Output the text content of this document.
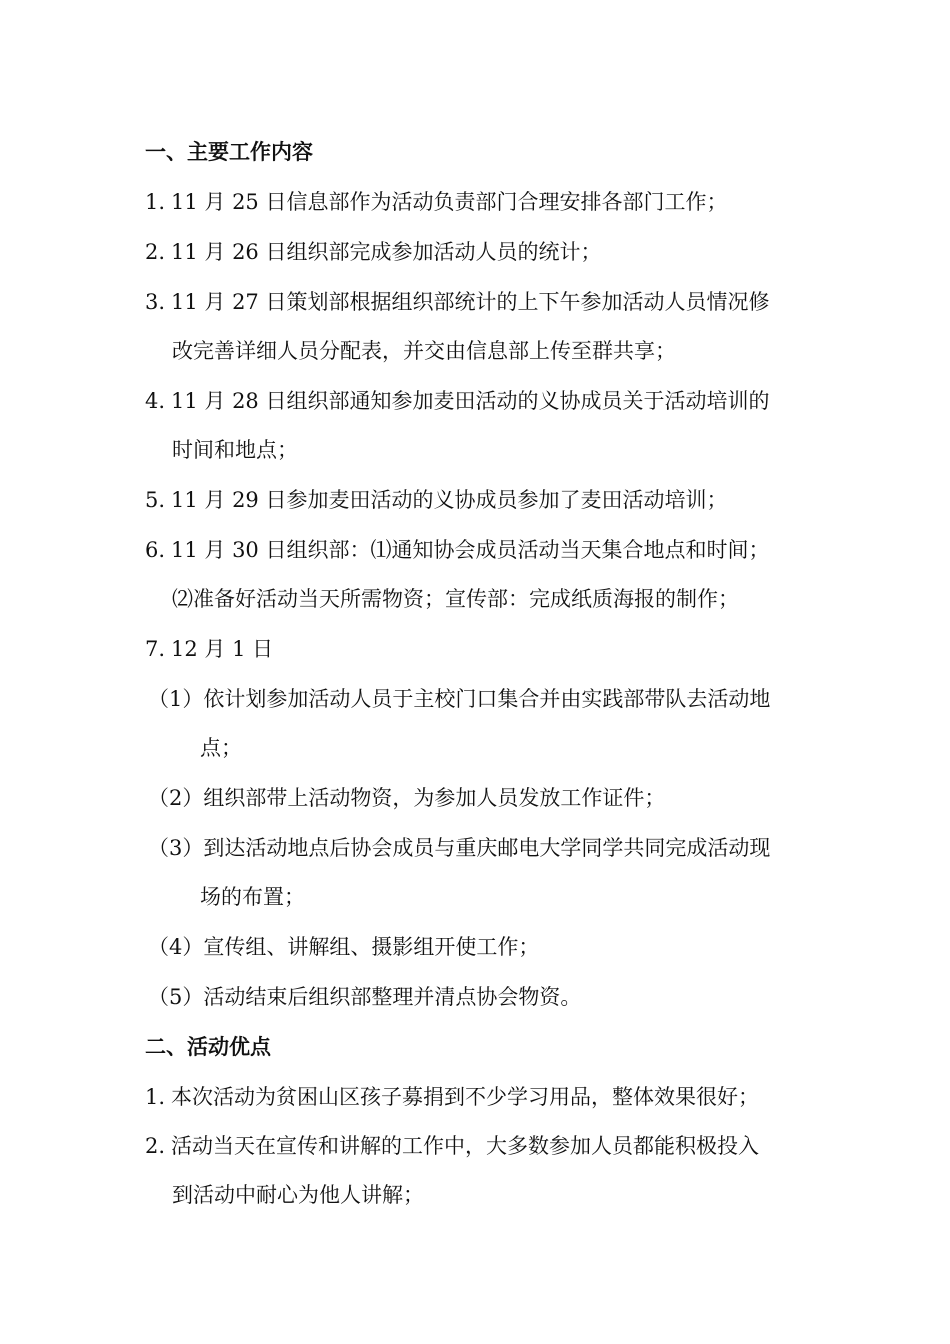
一、主要工作内容
1. 11 月 25 日信息部作为活动负责部门合理安排各部门工作；
2. 11 月 26 日组织部完成参加活动人员的统计；
3. 11 月 27 日策划部根据组织部统计的上下午参加活动人员情况修
改完善详细人员分配表，并交由信息部上传至群共享；
4. 11 月 28 日组织部通知参加麦田活动的义协成员关于活动培训的
时间和地点；
5. 11 月 29 日参加麦田活动的义协成员参加了麦田活动培训；
6. 11 月 30 日组织部：⑴通知协会成员活动当天集合地点和时间；
⑵准备好活动当天所需物资；宣传部：完成纸质海报的制作；
7. 12 月 1 日
（1）依计划参加活动人员于主校门口集合并由实践部带队去活动地
点；
（2）组织部带上活动物资，为参加人员发放工作证件；
（3）到达活动地点后协会成员与重庆邮电大学同学共同完成活动现
场的布置；
（4）宣传组、讲解组、摄影组开使工作；
（5）活动结束后组织部整理并清点协会物资。
二、活动优点
1. 本次活动为贫困山区孩子募捐到不少学习用品，整体效果很好；
2. 活动当天在宣传和讲解的工作中，大多数参加人员都能积极投入
到活动中耐心为他人讲解；
